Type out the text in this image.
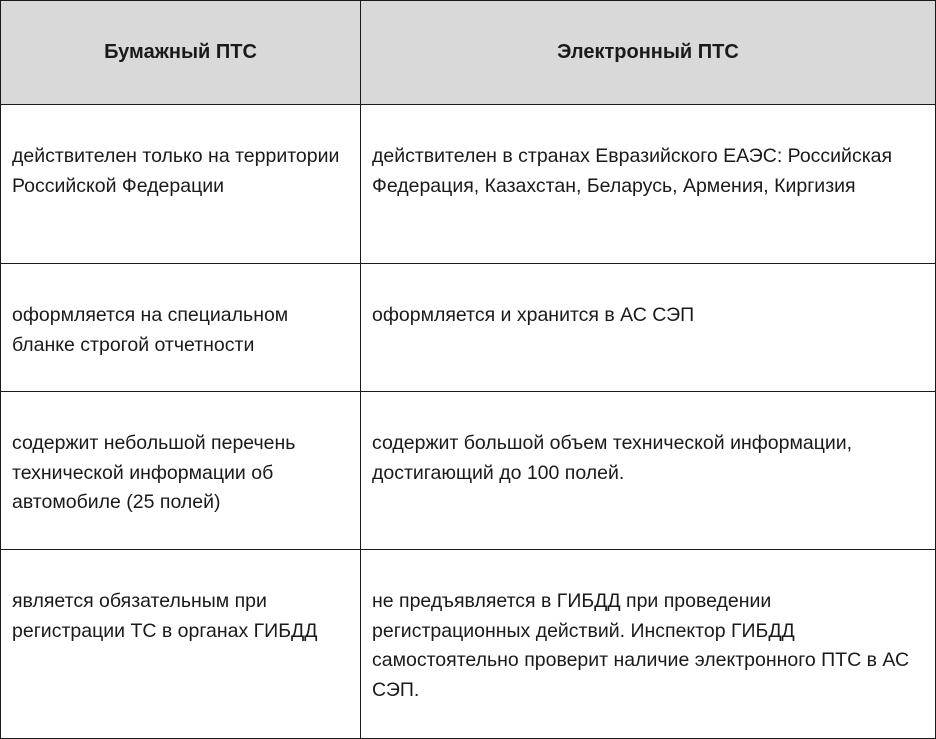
Бумажный ПТС	Электронный ПТС
действителен только на территории Российской Федерации
действителен в странах Евразийского ЕАЭС: Российская Федерация, Казахстан, Беларусь, Армения, Киргизия
оформляется на специальном бланке строгой отчетности
оформляется и хранится в АС СЭП
содержит небольшой перечень технической информации об автомобиле (25 полей)
содержит большой объем технической информации, достигающий до 100 полей.
является обязательным при регистрации ТС в органах ГИБДД
не предъявляется в ГИБДД при проведении регистрационных действий. Инспектор ГИБДД самостоятельно проверит наличие электронного ПТС в АС СЭП.
